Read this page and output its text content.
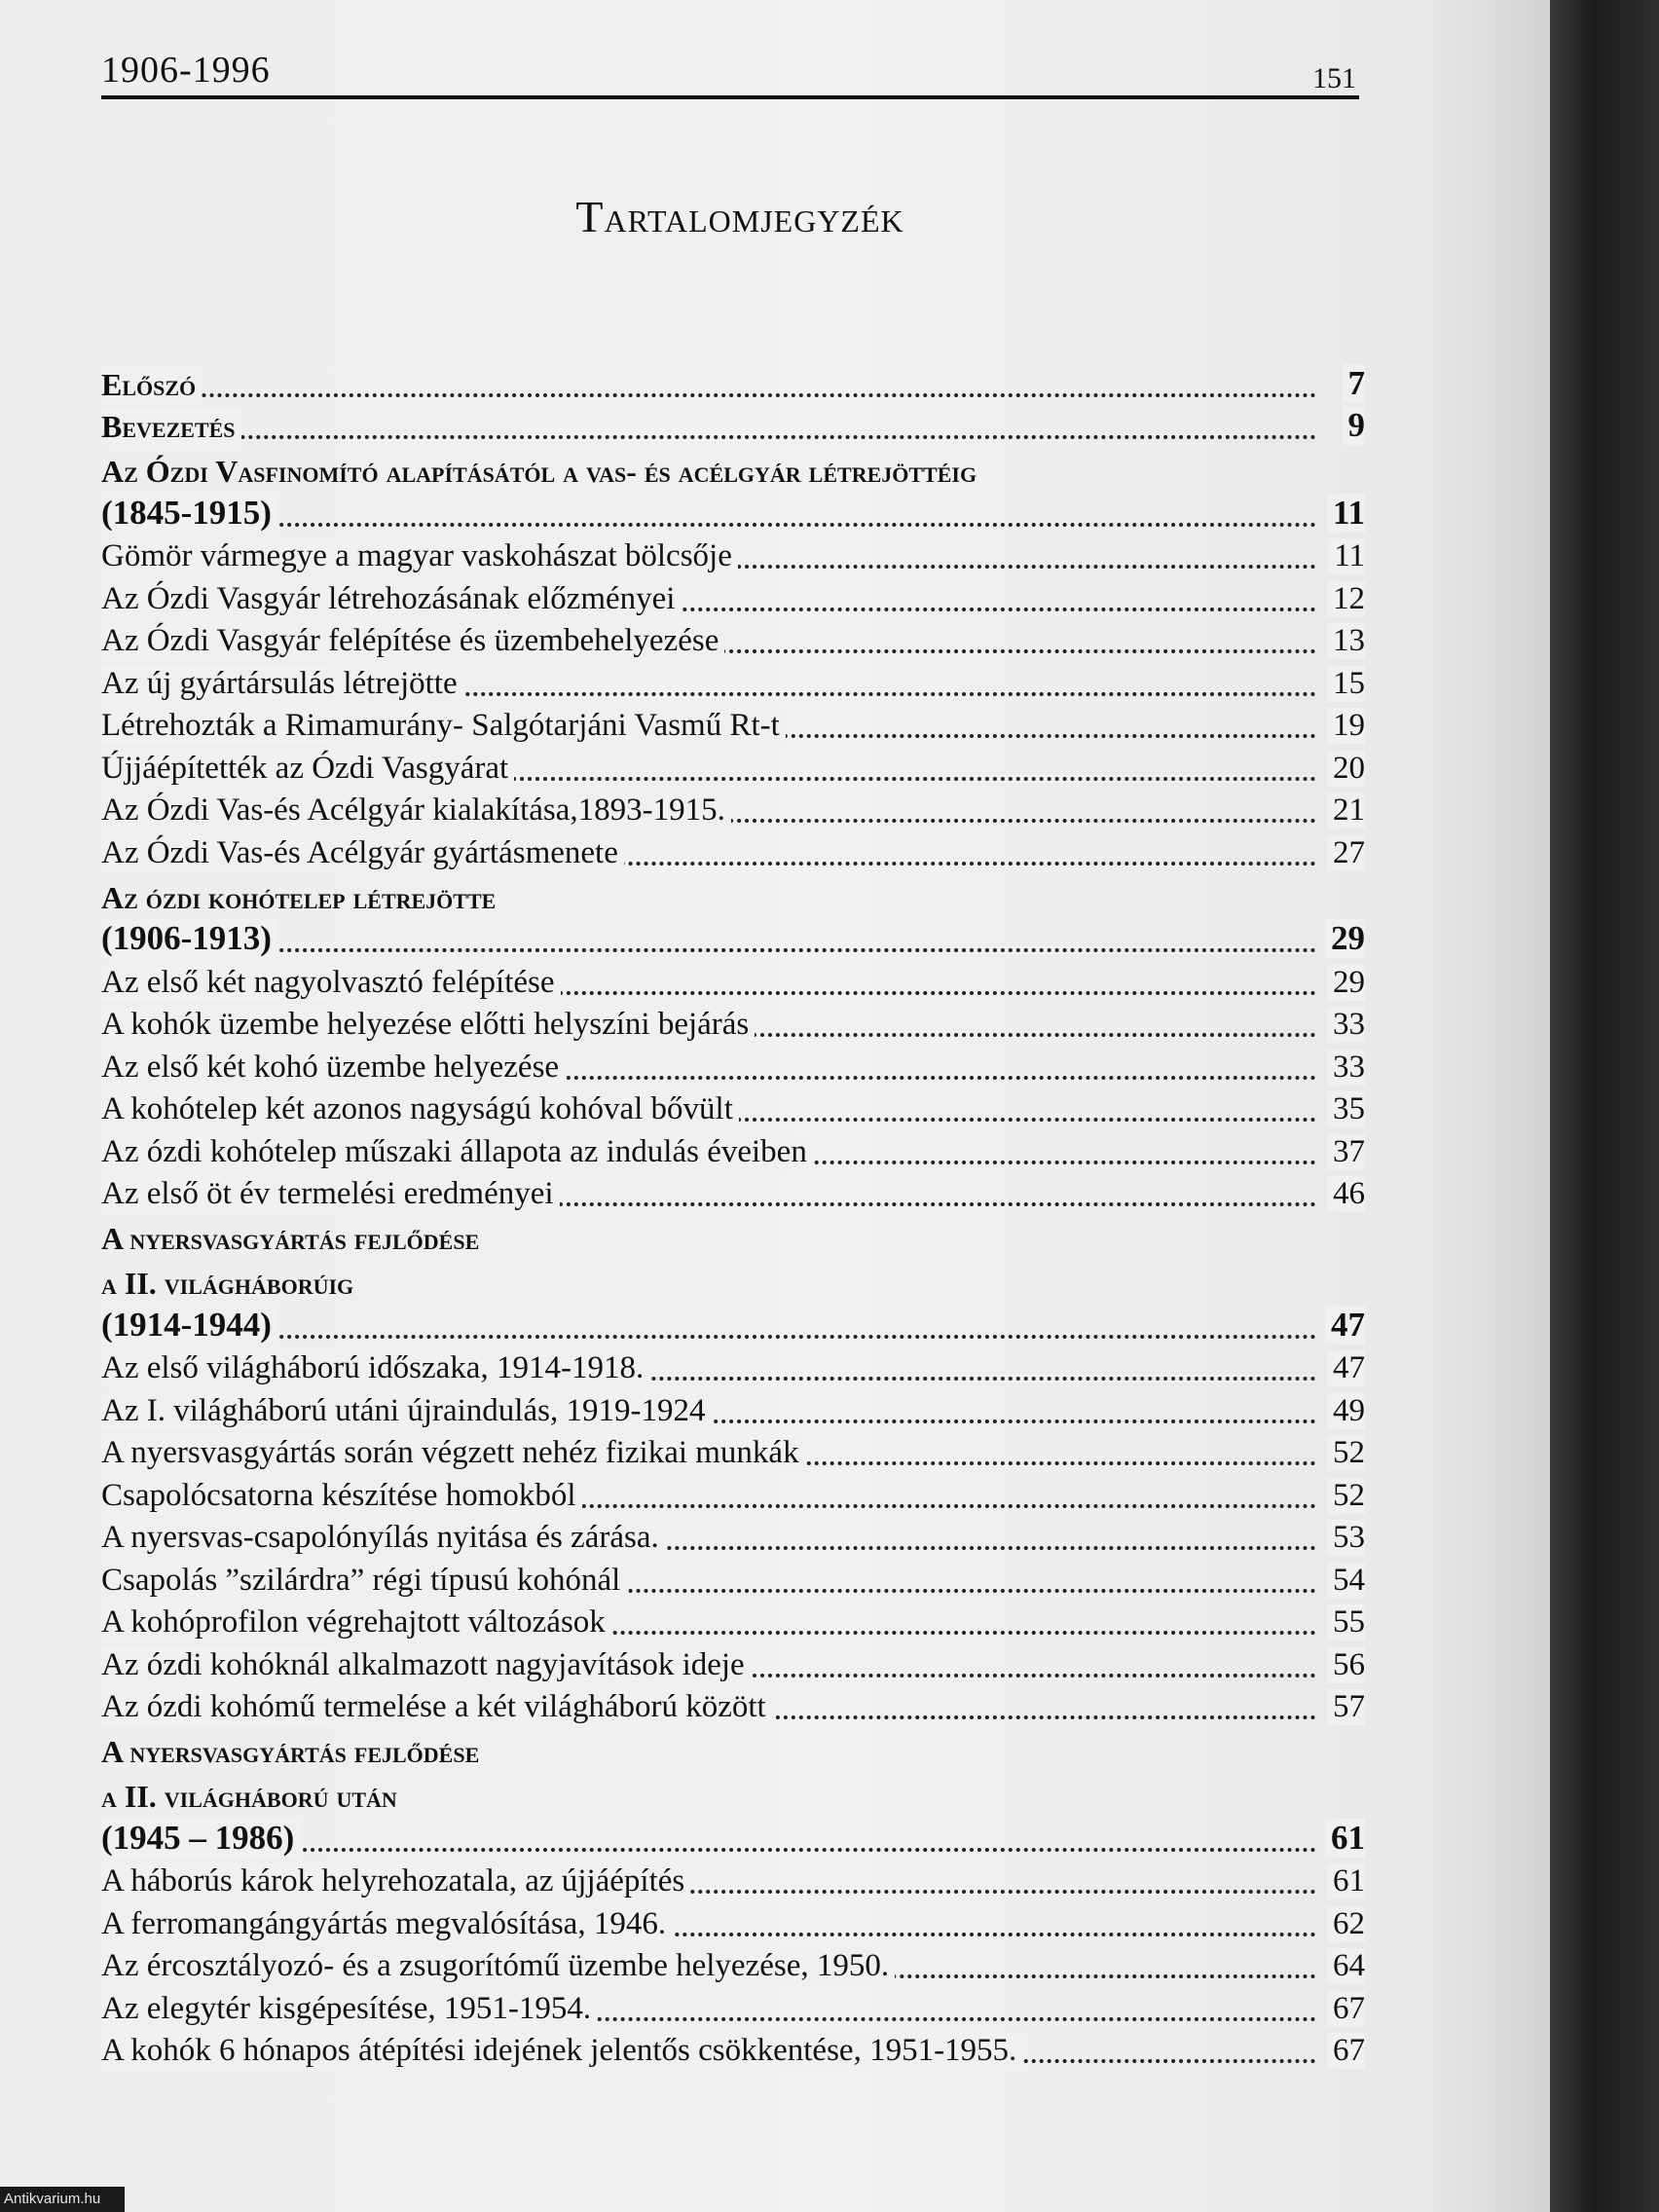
1906-1996	151
Tartalomjegyzék
Előszó	7
Bevezetés	9
Az Ózdi Vasfinomító alapításától a vas- és acélgyár létrejöttéig
(1845-1915)	11
Gömör vármegye a magyar vaskohászat bölcsője	11
Az Ózdi Vasgyár létrehozásának előzményei	12
Az Ózdi Vasgyár felépítése és üzembehelyezése	13
Az új gyártársulás létrejötte	15
Létrehozták a Rimamurány- Salgótarjáni Vasmű Rt-t	19
Újjáépítették az Ózdi Vasgyárat	20
Az Ózdi Vas-és Acélgyár kialakítása,1893-1915.	21
Az Ózdi Vas-és Acélgyár gyártásmenete	27
Az ózdi kohótelep létrejötte
(1906-1913)	29
Az első két nagyolvasztó felépítése	29
A kohók üzembe helyezése előtti helyszíni bejárás	33
Az első két kohó üzembe helyezése	33
A kohótelep két azonos nagyságú kohóval bővült	35
Az ózdi kohótelep műszaki állapota az indulás éveiben	37
Az első öt év termelési eredményei	46
A nyersvasgyártás fejlődése
a II. világháborúig
(1914-1944)	47
Az első világháború időszaka, 1914-1918.	47
Az I. világháború utáni újraindulás, 1919-1924	49
A nyersvasgyártás során végzett nehéz fizikai munkák	52
Csapolócsatorna készítése homokból	52
A nyersvas-csapolónyílás nyitása és zárása.	53
Csapolás ”szilárdra” régi típusú kohónál	54
A kohóprofilon végrehajtott változások	55
Az ózdi kohóknál alkalmazott nagyjavítások ideje	56
Az ózdi kohómű termelése a két világháború között	57
A nyersvasgyártás fejlődése
a II. világháború után
(1945 – 1986)	61
A háborús károk helyrehozatala, az újjáépítés	61
A ferromangángyártás megvalósítása, 1946.	62
Az ércosztályozó- és a zsugorítómű üzembe helyezése, 1950.	64
Az elegytér kisgépesítése, 1951-1954.	67
A kohók 6 hónapos átépítési idejének jelentős csökkentése, 1951-1955.	67
Antikvarium.hu
